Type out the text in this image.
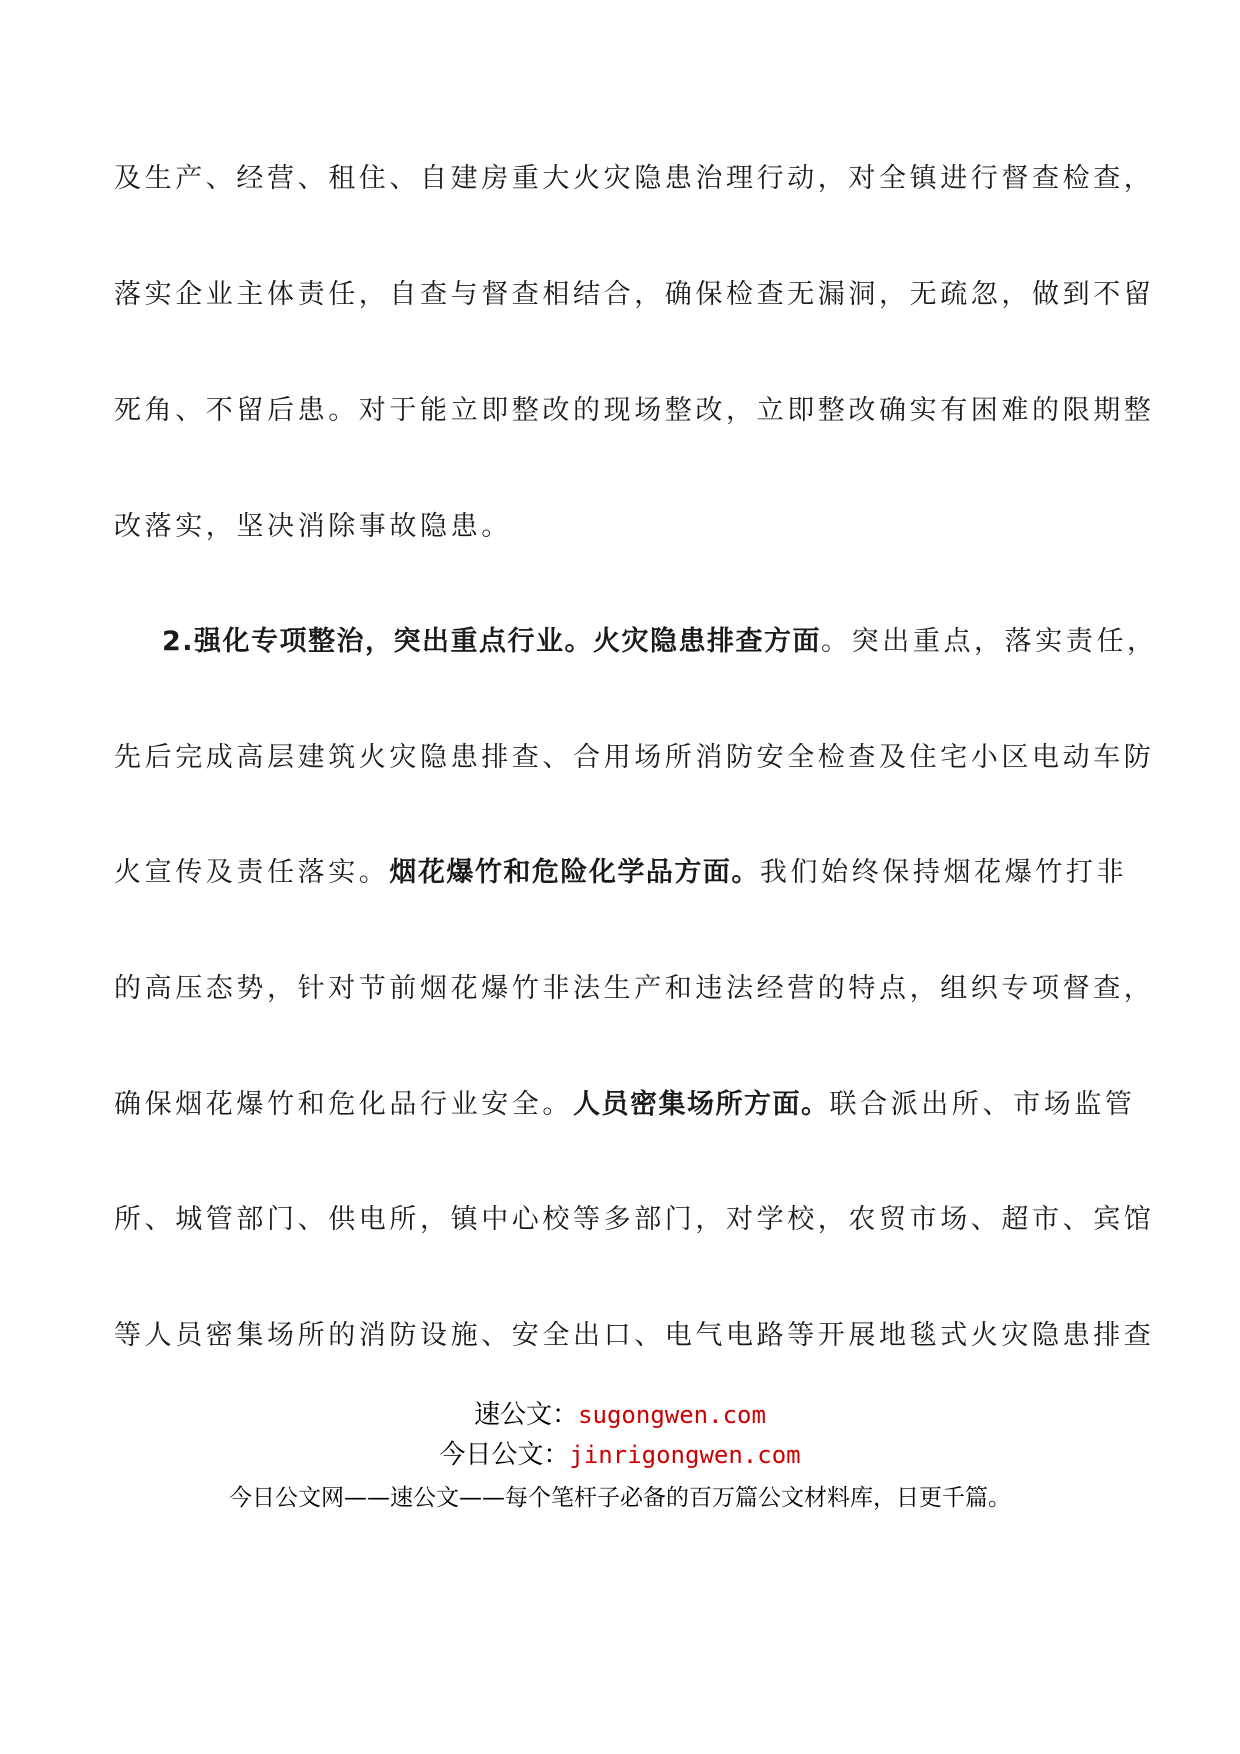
及生产、经营、租住、自建房重大火灾隐患治理行动，对全镇进行督查检查，
落实企业主体责任，自查与督查相结合，确保检查无漏洞，无疏忽，做到不留
死角、不留后患。对于能立即整改的现场整改，立即整改确实有困难的限期整
改落实，坚决消除事故隐患。
2.强化专项整治，突出重点行业。火灾隐患排查方面。突出重点，落实责任，
先后完成高层建筑火灾隐患排查、合用场所消防安全检查及住宅小区电动车防
火宣传及责任落实。烟花爆竹和危险化学品方面。我们始终保持烟花爆竹打非
的高压态势，针对节前烟花爆竹非法生产和违法经营的特点，组织专项督查，
确保烟花爆竹和危化品行业安全。人员密集场所方面。联合派出所、市场监管
所、城管部门、供电所，镇中心校等多部门，对学校，农贸市场、超市、宾馆
等人员密集场所的消防设施、安全出口、电气电路等开展地毯式火灾隐患排查
速公文：sugongwen.com
今日公文：jinrigongwen.com
今日公文网——速公文——每个笔杆子必备的百万篇公文材料库，日更千篇。
